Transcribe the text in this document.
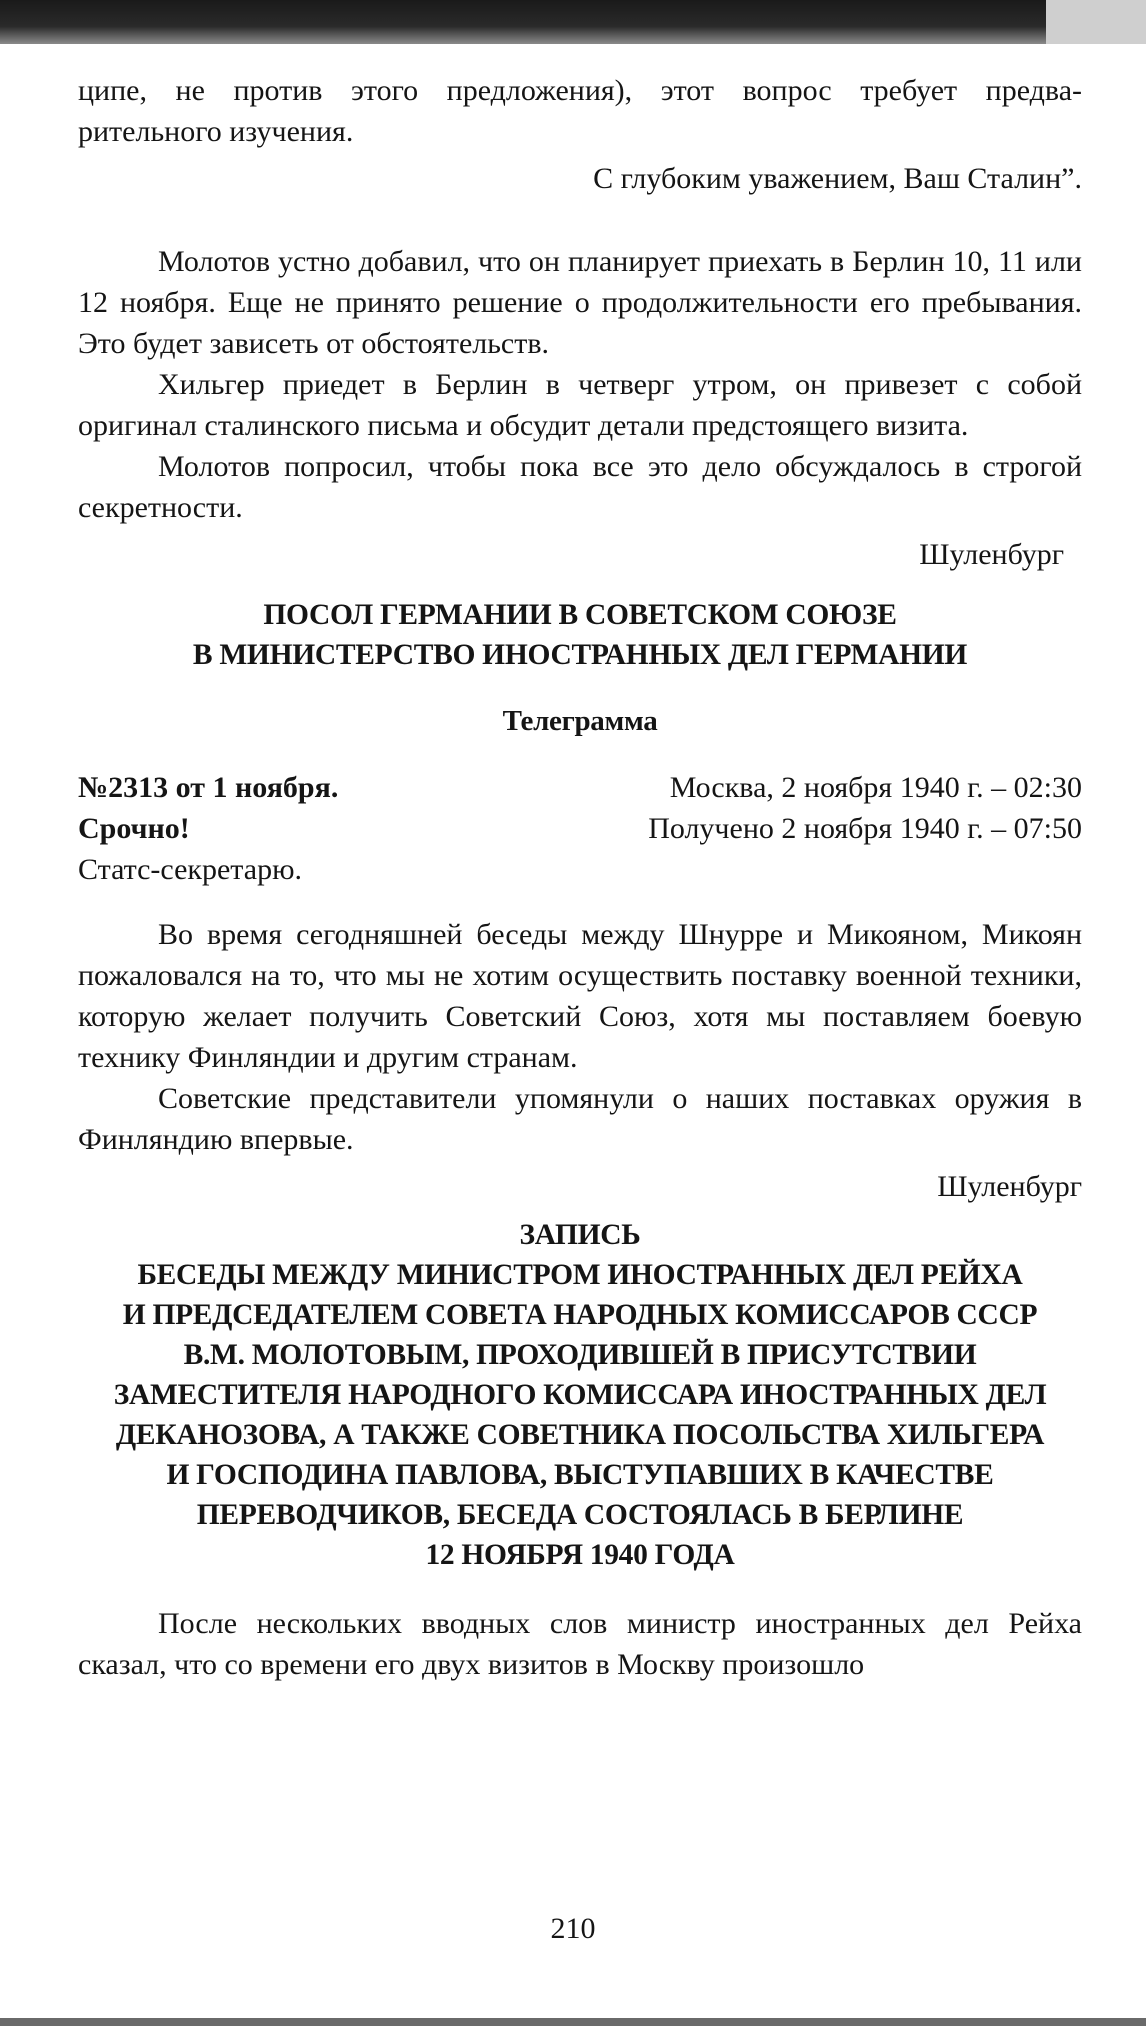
ципе, не против этого предложения), этот вопрос требует предва-

рительного изучения.

С глубоким уважением, Ваш Сталин”.

Молотов устно добавил, что он планирует приехать в Берлин 10, 11 или 12 ноября. Еще не принято решение о продолжительности его пребывания. Это будет зависеть от обстоятельств.

Хильгер приедет в Берлин в четверг утром, он привезет с собой оригинал сталинского письма и обсудит детали предстоящего визита.

Молотов попросил, чтобы пока все это дело обсуждалось в строгой секретности.

Шуленбург

ПОСОЛ ГЕРМАНИИ В СОВЕТСКОМ СОЮЗЕ
В МИНИСТЕРСТВО ИНОСТРАННЫХ ДЕЛ ГЕРМАНИИ
Телеграмма
№2313 от 1 ноября.	Москва, 2 ноября 1940 г. – 02:30
Срочно!	Получено 2 ноября 1940 г. – 07:50
Статс-секретарю.

Во время сегодняшней беседы между Шнурре и Микояном, Микоян пожаловался на то, что мы не хотим осуществить поставку военной техники, которую желает получить Советский Союз, хотя мы поставляем боевую технику Финляндии и другим странам.

Советские представители упомянули о наших поставках оружия в Финляндию впервые.

Шуленбург

ЗАПИСЬ
БЕСЕДЫ МЕЖДУ МИНИСТРОМ ИНОСТРАННЫХ ДЕЛ РЕЙХА
И ПРЕДСЕДАТЕЛЕМ СОВЕТА НАРОДНЫХ КОМИССАРОВ СССР
В.М. МОЛОТОВЫМ, ПРОХОДИВШЕЙ В ПРИСУТСТВИИ
ЗАМЕСТИТЕЛЯ НАРОДНОГО КОМИССАРА ИНОСТРАННЫХ ДЕЛ
ДЕКАНОЗОВА, А ТАКЖЕ СОВЕТНИКА ПОСОЛЬСТВА ХИЛЬГЕРА
И ГОСПОДИНА ПАВЛОВА, ВЫСТУПАВШИХ В КАЧЕСТВЕ
ПЕРЕВОДЧИКОВ, БЕСЕДА СОСТОЯЛАСЬ В БЕРЛИНЕ
12 НОЯБРЯ 1940 ГОДА

После нескольких вводных слов министр иностранных дел Рейха сказал, что со времени его двух визитов в Москву произошло

210
